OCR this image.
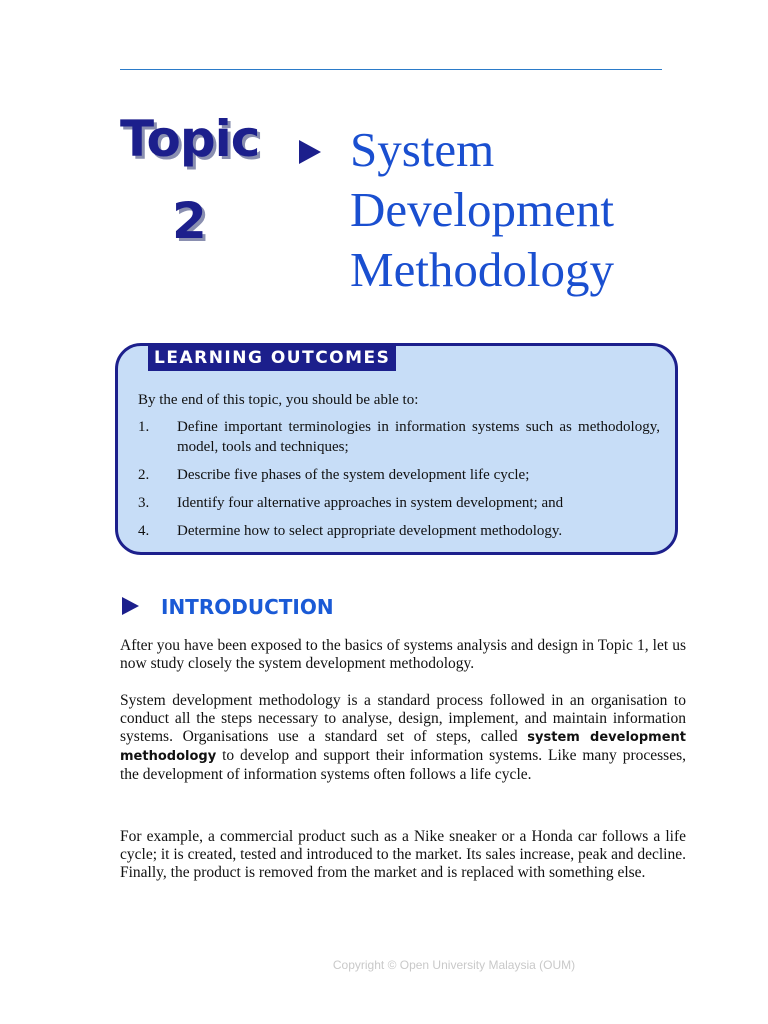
Topic
2
System
Development
Methodology
LEARNING OUTCOMES
By the end of this topic, you should be able to:
1.	Define important terminologies in information systems such as methodology, model, tools and techniques;
2.	Describe five phases of the system development life cycle;
3.	Identify four alternative approaches in system development; and
4.	Determine how to select appropriate development methodology.
INTRODUCTION
After you have been exposed to the basics of systems analysis and design in Topic 1, let us now study closely the system development methodology.
System development methodology is a standard process followed in an organisation to conduct all the steps necessary to analyse, design, implement, and maintain information systems. Organisations use a standard set of steps, called system development methodology to develop and support their information systems. Like many processes, the development of information systems often follows a life cycle.
For example, a commercial product such as a Nike sneaker or a Honda car follows a life cycle; it is created, tested and introduced to the market. Its sales increase, peak and decline. Finally, the product is removed from the market and is replaced with something else.
Copyright © Open University Malaysia (OUM)
